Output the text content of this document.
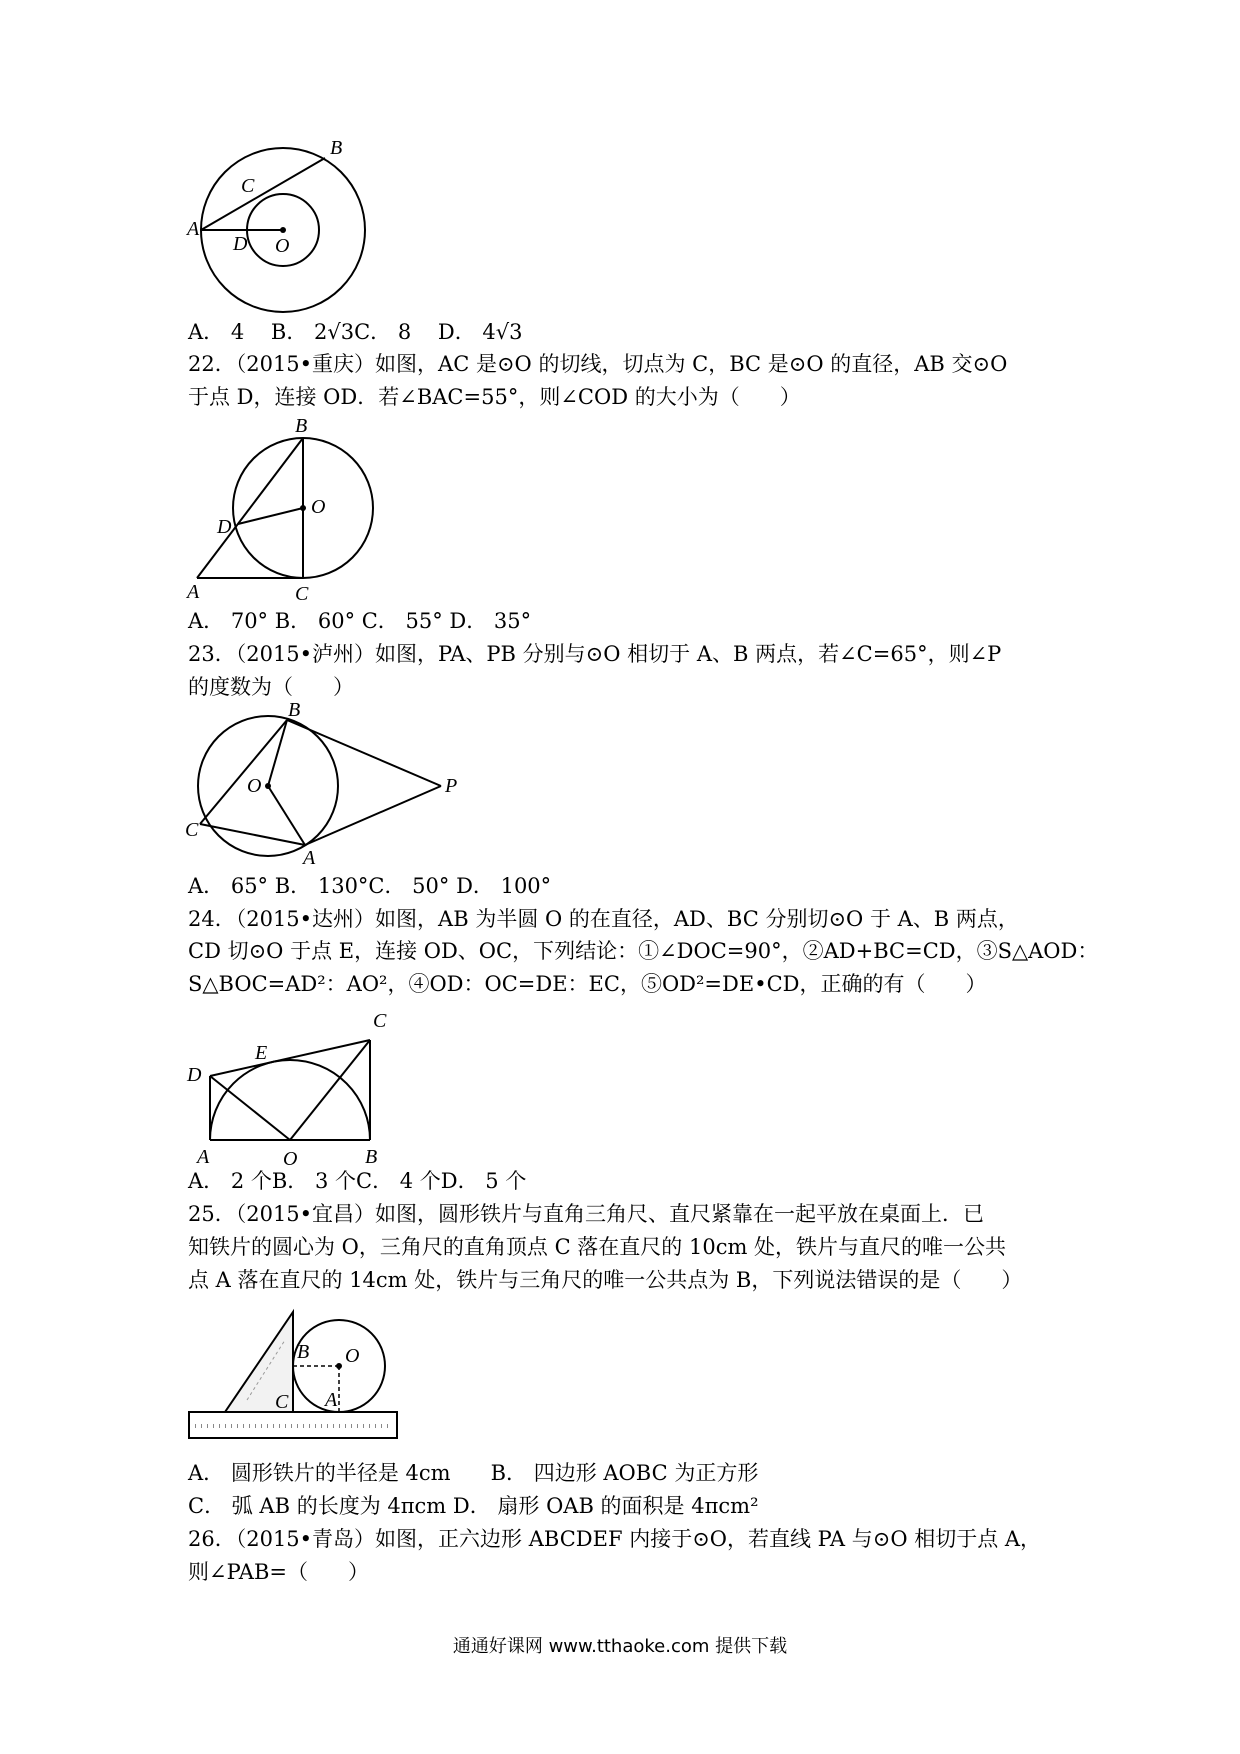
B
C
A
D O
A． 4    B． 2√3C． 8    D． 4√3
22．（2015•重庆）如图，AC 是⊙O 的切线，切点为 C，BC 是⊙O 的直径，AB 交⊙O
于点 D，连接 OD．若∠BAC=55°，则∠COD 的大小为（      ）
B
O
D
A	C
A． 70° B． 60° C． 55° D． 35°
23．（2015•泸州）如图，PA、PB 分别与⊙O 相切于 A、B 两点，若∠C=65°，则∠P
的度数为（      ）
B
O	P
C
A
A． 65° B． 130°C． 50° D． 100°
24．（2015•达州）如图，AB 为半圆 O 的在直径，AD、BC 分别切⊙O 于 A、B 两点，
CD 切⊙O 于点 E，连接 OD、OC，下列结论：①∠DOC=90°，②AD+BC=CD，③S△AOD：
S△BOC=AD²：AO²，④OD：OC=DE：EC，⑤OD²=DE•CD，正确的有（      ）
C
E
D
A	O	B
A． 2 个B． 3 个C． 4 个D． 5 个
25．（2015•宜昌）如图，圆形铁片与直角三角尺、直尺紧靠在一起平放在桌面上．已
知铁片的圆心为 O，三角尺的直角顶点 C 落在直尺的 10cm 处，铁片与直尺的唯一公共
点 A 落在直尺的 14cm 处，铁片与三角尺的唯一公共点为 B，下列说法错误的是（      ）
B O
C A
A． 圆形铁片的半径是 4cm      B． 四边形 AOBC 为正方形
C． 弧 AB 的长度为 4πcm D． 扇形 OAB 的面积是 4πcm²
26．（2015•青岛）如图，正六边形 ABCDEF 内接于⊙O，若直线 PA 与⊙O 相切于点 A，
则∠PAB=（      ）
通通好课网 www.tthaoke.com 提供下载
